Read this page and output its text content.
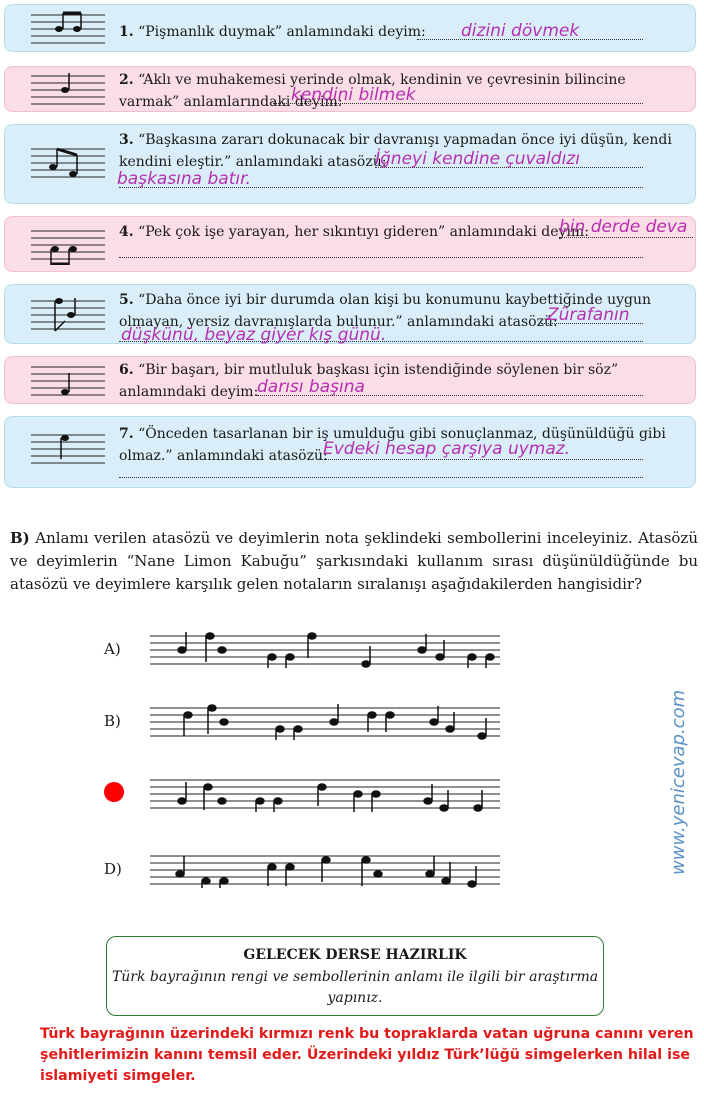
1. “Pişmanlık duymak” anlamındaki deyim:	dizini dövmek
2. “Aklı ve muhakemesi yerinde olmak, kendinin ve çevresinin bilincine varmak” anlamlarındaki deyim:
kendini bilmek
3. “Başkasına zararı dokunacak bir davranışı yapmadan önce iyi düşün, kendi kendini eleştir.” anlamındaki atasözü:
İğneyi kendine çuvaldızı
başkasına batır.
4. “Pek çok işe yarayan, her sıkıntıyı gideren” anlamındaki deyim:
bin derde deva
5. “Daha önce iyi bir durumda olan kişi bu konumunu kaybettiğinde uygun olmayan, yersiz davranışlarda bulunur.” anlamındaki atasözü:
Zürafanın
düşkünü, beyaz giyer kış günü.
6. “Bir başarı, bir mutluluk başkası için istendiğinde söylenen bir söz” anlamındaki deyim:
darısı başına
7. “Önceden tasarlanan bir iş umulduğu gibi sonuçlanmaz, düşünüldüğü gibi olmaz.” anlamındaki atasözü:
Evdeki hesap çarşıya uymaz.
B) Anlamı verilen atasözü ve deyimlerin nota şeklindeki sembollerini inceleyiniz. Atasözü ve deyimlerin “Nane Limon Kabuğu” şarkısındaki kullanım sırası düşünüldüğünde bu atasözü ve deyimlere karşılık gelen notaların sıralanışı aşağıdakilerden hangisidir?
A)
B)
D)	www.yenicevap.com
GELECEK DERSE HAZIRLIK
Türk bayrağının rengi ve sembollerinin anlamı ile ilgili bir araştırma yapınız.
Türk bayrağının üzerindeki kırmızı renk bu topraklarda vatan uğruna canını veren şehitlerimizin kanını temsil eder. Üzerindeki yıldız Türk’lüğü simgelerken hilal ise islamiyeti simgeler.
